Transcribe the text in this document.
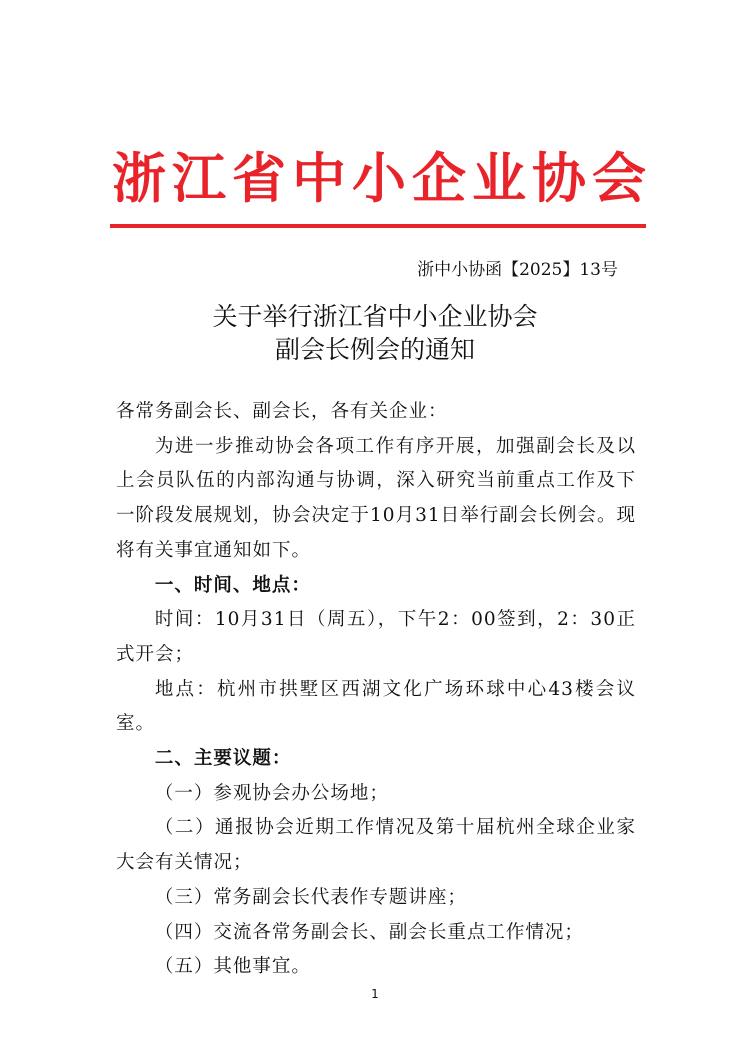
浙江省中小企业协会
浙中小协函【2025】13号
关于举行浙江省中小企业协会
副会长例会的通知

各常务副会长、副会长，各有关企业：

为进一步推动协会各项工作有序开展，加强副会长及以上会员队伍的内部沟通与协调，深入研究当前重点工作及下一阶段发展规划，协会决定于10月31日举行副会长例会。现将有关事宜通知如下。

一、时间、地点：

时间：10月31日（周五），下午2：00签到，2：30正式开会；

地点：杭州市拱墅区西湖文化广场环球中心43楼会议室。

二、主要议题：

（一）参观协会办公场地；

（二）通报协会近期工作情况及第十届杭州全球企业家大会有关情况；

（三）常务副会长代表作专题讲座；

（四）交流各常务副会长、副会长重点工作情况；

（五）其他事宜。

1
